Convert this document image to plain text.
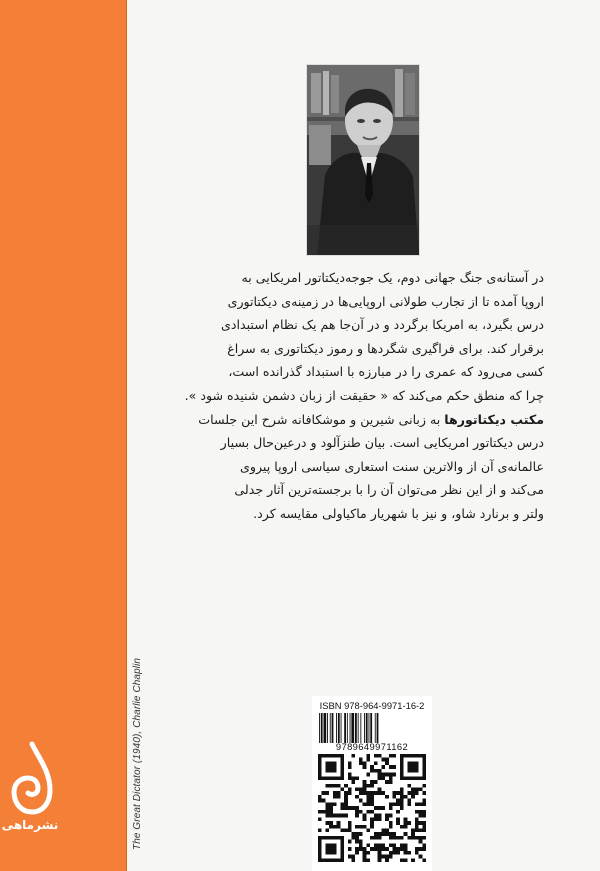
The Great Dictator (1940), Charlie Chaplin
نشرماهی
در آستانه‌ی جنگ جهانی دوم، یک جوجه‌دیکتاتور امریکایی به
اروپا آمده تا از تجارب طولانی اروپایی‌ها در زمینه‌ی دیکتاتوری
درس بگیرد، به امریکا برگردد و در آن‌جا هم یک نظام استبدادی
برقرار کند. برای فراگیری شگردها و رموز دیکتاتوری به سراغ
کسی می‌رود که عمری را در مبارزه با استبداد گذرانده است،
چرا که منطق حکم می‌کند که « حقیقت از زبان دشمن شنیده شود ».
مکتب دیکتاتورها به زبانی شیرین و موشکافانه شرح این جلسات
درس دیکتاتور امریکایی است. بیان طنزآلود و درعین‌حال بسیار
عالمانه‌ی آن از والاترین سنت استعاری سیاسی اروپا پیروی
می‌کند و از این نظر می‌توان آن را با برجسته‌ترین آثار جدلی
ولتر و برنارد شاو، و نیز با شهریار ماکیاولی مقایسه کرد.
ISBN 978-964-9971-16-2
9789649971162
